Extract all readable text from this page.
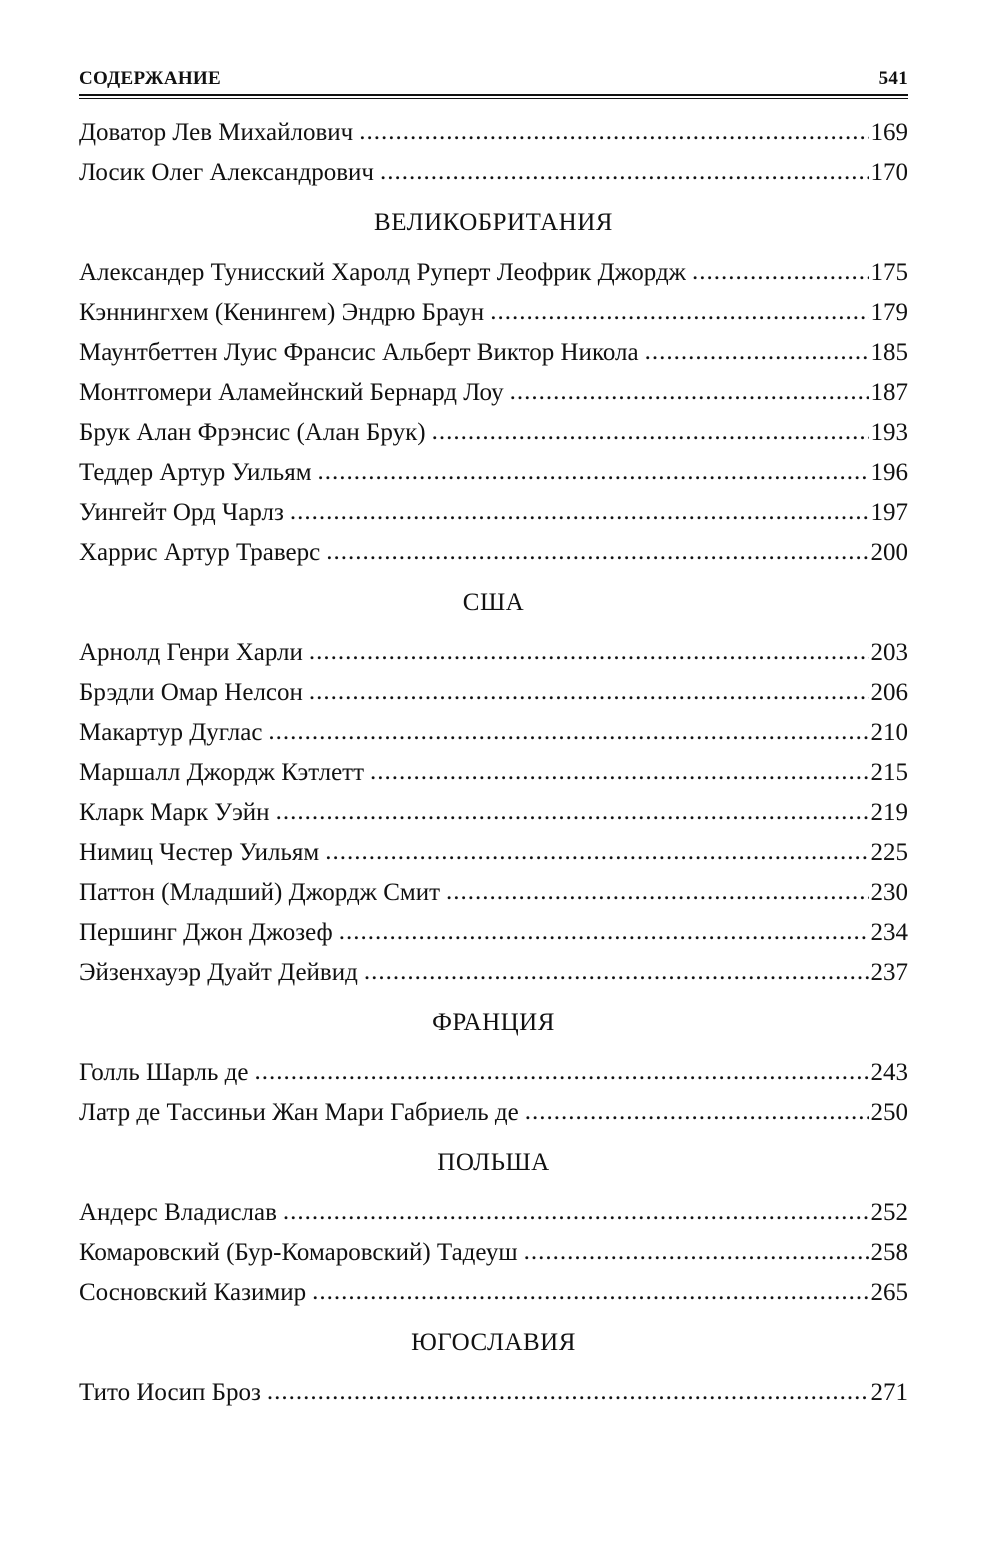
СОДЕРЖАНИЕ	541
Доватор Лев Михайлович .....	169
Лосик Олег Александрович .....	170
ВЕЛИКОБРИТАНИЯ
Александер Тунисский Харолд Руперт Леофрик Джордж .....	175
Кэннингхем (Кенингем) Эндрю Браун .....	179
Маунтбеттен Луис Франсис Альберт Виктор Никола .....	185
Монтгомери Аламейнский Бернард Лоу .....	187
Брук Алан Фрэнсис (Алан Брук) .....	193
Теддер Артур Уильям .....	196
Уингейт Орд Чарлз .....	197
Харрис Артур Траверс .....	200
США
Арнолд Генри Харли .....	203
Брэдли Омар Нелсон .....	206
Макартур Дуглас .....	210
Маршалл Джордж Кэтлетт .....	215
Кларк Марк Уэйн .....	219
Нимиц Честер Уильям .....	225
Паттон (Младший) Джордж Смит .....	230
Першинг Джон Джозеф .....	234
Эйзенхауэр Дуайт Дейвид .....	237
ФРАНЦИЯ
Голль Шарль де .....	243
Латр де Тассиньи Жан Мари Габриель де .....	250
ПОЛЬША
Андерс Владислав .....	252
Комаровский (Бур-Комаровский) Тадеуш .....	258
Сосновский Казимир .....	265
ЮГОСЛАВИЯ
Тито Иосип Броз .....	271
